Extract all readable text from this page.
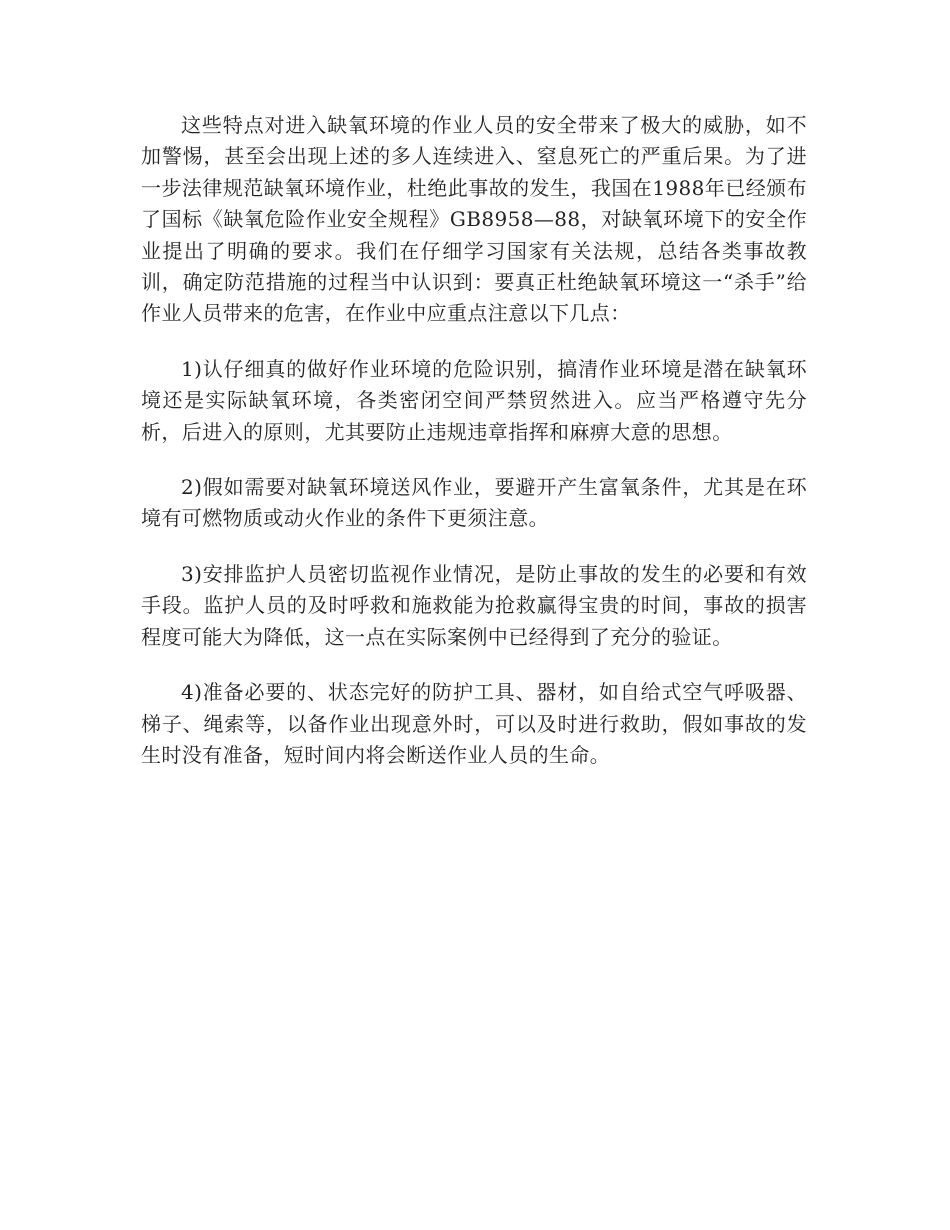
这些特点对进入缺氧环境的作业人员的安全带来了极大的威胁，如不加警惕，甚至会出现上述的多人连续进入、窒息死亡的严重后果。为了进一步法律规范缺氧环境作业，杜绝此事故的发生，我国在1988年已经颁布了国标《缺氧危险作业安全规程》GB8958—88，对缺氧环境下的安全作业提出了明确的要求。我们在仔细学习国家有关法规，总结各类事故教训，确定防范措施的过程当中认识到：要真正杜绝缺氧环境这一“杀手”给作业人员带来的危害，在作业中应重点注意以下几点：

1)认仔细真的做好作业环境的危险识别，搞清作业环境是潜在缺氧环境还是实际缺氧环境，各类密闭空间严禁贸然进入。应当严格遵守先分析，后进入的原则，尤其要防止违规违章指挥和麻痹大意的思想。

2)假如需要对缺氧环境送风作业，要避开产生富氧条件，尤其是在环境有可燃物质或动火作业的条件下更须注意。

3)安排监护人员密切监视作业情况，是防止事故的发生的必要和有效手段。监护人员的及时呼救和施救能为抢救赢得宝贵的时间，事故的损害程度可能大为降低，这一点在实际案例中已经得到了充分的验证。

4)准备必要的、状态完好的防护工具、器材，如自给式空气呼吸器、梯子、绳索等，以备作业出现意外时，可以及时进行救助，假如事故的发生时没有准备，短时间内将会断送作业人员的生命。
